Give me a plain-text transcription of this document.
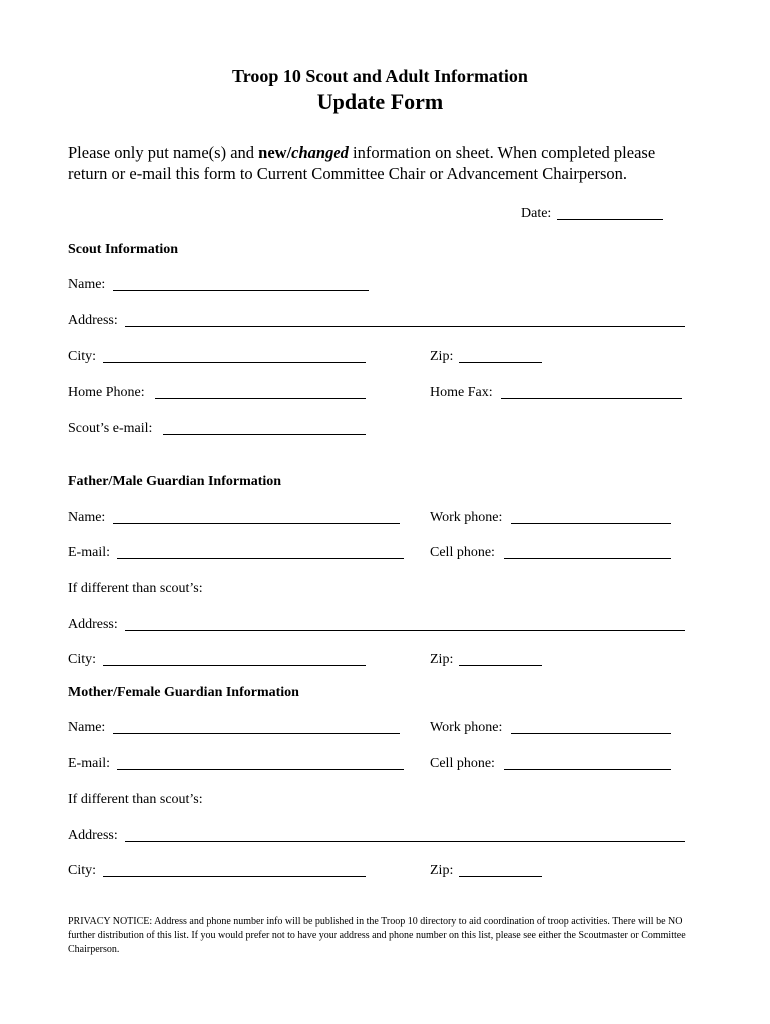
Troop 10 Scout and Adult Information
Update Form
Please only put name(s) and new/changed information on sheet. When completed please return or e-mail this form to Current Committee Chair or Advancement Chairperson.
Date:
Scout Information
Name:
Address:
City:	Zip:
Home Phone:	Home Fax:
Scout’s e-mail:
Father/Male Guardian Information
Name:	Work phone:
E-mail:	Cell phone:
If different than scout’s:
Address:
City:	Zip:
Mother/Female Guardian Information
Name:	Work phone:
E-mail:	Cell phone:
If different than scout’s:
Address:
City:	Zip:
PRIVACY NOTICE: Address and phone number info will be published in the Troop 10 directory to aid coordination of troop activities. There will be NO further distribution of this list. If you would prefer not to have your address and phone number on this list, please see either the Scoutmaster or Committee Chairperson.
